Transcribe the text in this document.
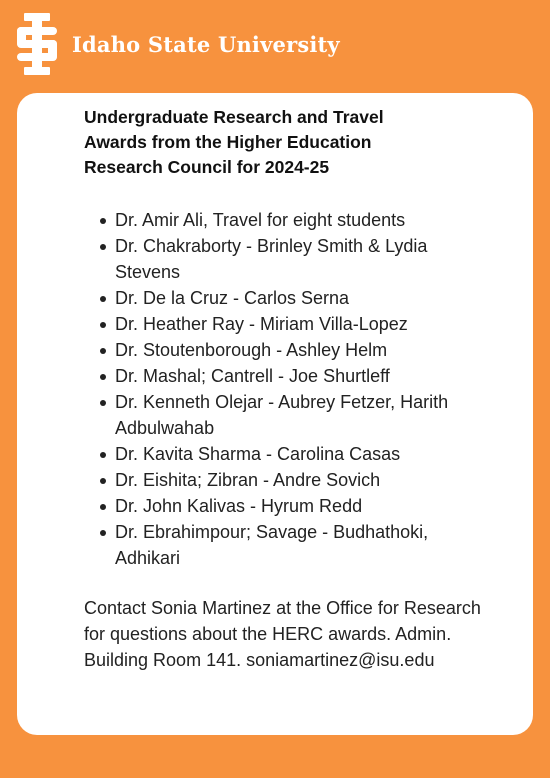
Idaho State University
Undergraduate Research and Travel Awards from the Higher Education Research Council for 2024-25
Dr. Amir Ali, Travel for eight students
Dr. Chakraborty - Brinley Smith & Lydia Stevens
Dr. De la Cruz - Carlos Serna
Dr. Heather Ray - Miriam Villa-Lopez
Dr. Stoutenborough - Ashley Helm
Dr. Mashal; Cantrell - Joe Shurtleff
Dr. Kenneth Olejar - Aubrey Fetzer, Harith Adbulwahab
Dr. Kavita Sharma - Carolina Casas
Dr. Eishita; Zibran - Andre Sovich
Dr. John Kalivas - Hyrum Redd
Dr. Ebrahimpour; Savage - Budhathoki, Adhikari
Contact Sonia Martinez at the Office for Research for questions about the HERC awards. Admin. Building Room 141. soniamartinez@isu.edu
